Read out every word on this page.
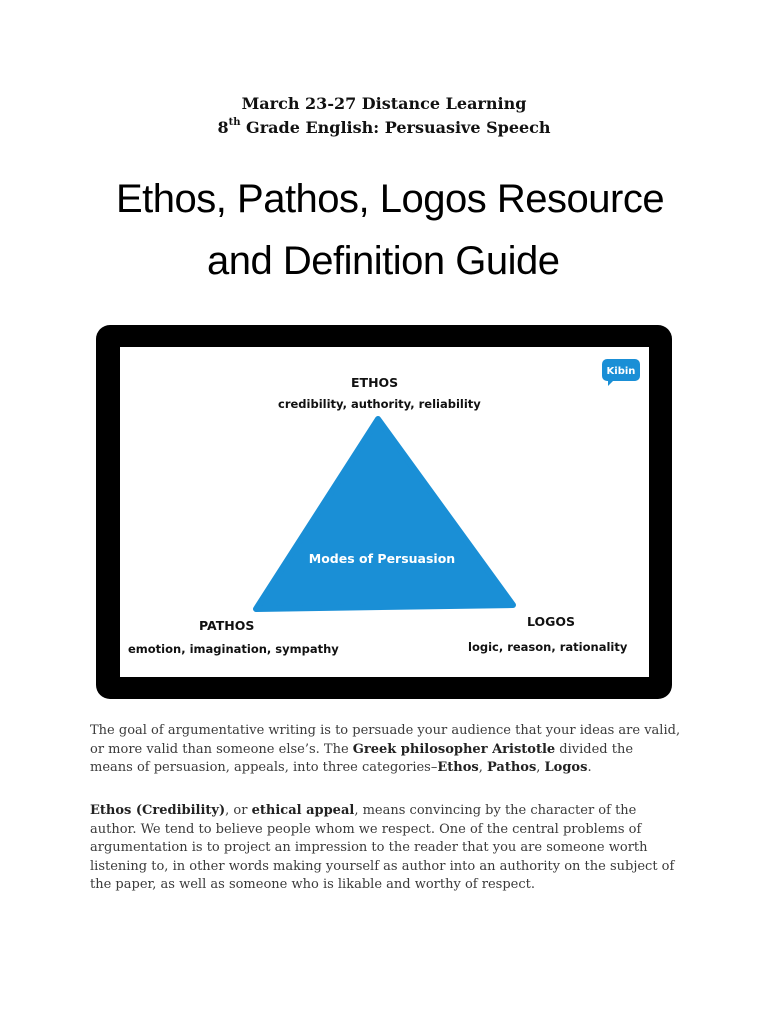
March 23-27 Distance Learning
8th Grade English: Persuasive Speech
Ethos, Pathos, Logos Resource
and Definition Guide
Kibin
Modes of Persuasion
ETHOS
credibility, authority, reliability
PATHOS
emotion, imagination, sympathy
LOGOS
logic, reason, rationality
The goal of argumentative writing is to persuade your audience that your ideas are valid,
or more valid than someone else’s. The Greek philosopher Aristotle divided the
means of persuasion, appeals, into three categories–Ethos, Pathos, Logos.
Ethos (Credibility), or ethical appeal, means convincing by the character of the
author. We tend to believe people whom we respect. One of the central problems of
argumentation is to project an impression to the reader that you are someone worth
listening to, in other words making yourself as author into an authority on the subject of
the paper, as well as someone who is likable and worthy of respect.
